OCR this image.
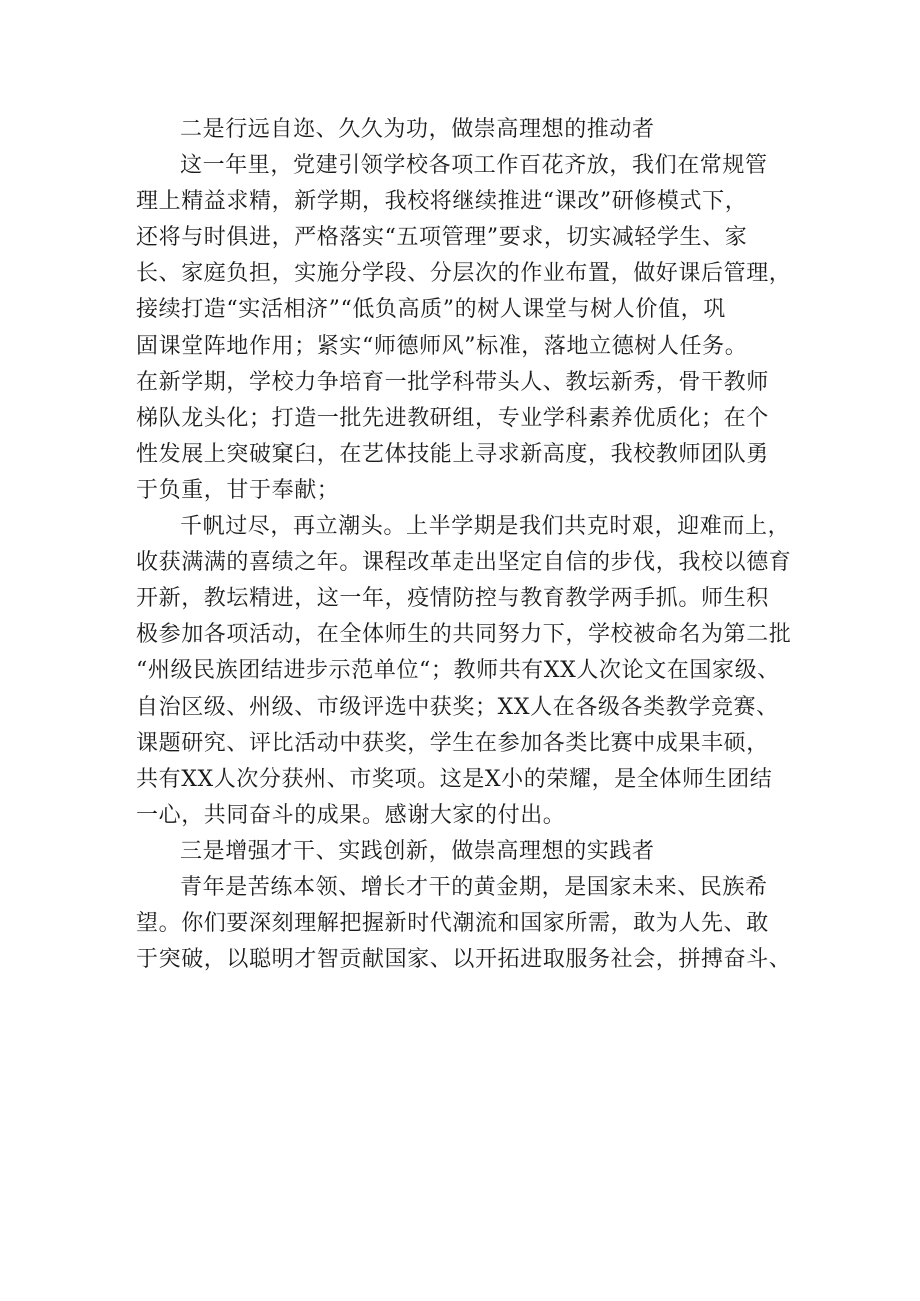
二是行远自迩、久久为功，做崇高理想的推动者
这一年里，党建引领学校各项工作百花齐放，我们在常规管
理上精益求精，新学期，我校将继续推进“课改”研修模式下，
还将与时俱进，严格落实“五项管理”要求，切实减轻学生、家
长、家庭负担，实施分学段、分层次的作业布置，做好课后管理，
接续打造“实活相济”“低负高质”的树人课堂与树人价值，巩
固课堂阵地作用；紧实“师德师风”标准，落地立德树人任务。
在新学期，学校力争培育一批学科带头人、教坛新秀，骨干教师
梯队龙头化；打造一批先进教研组，专业学科素养优质化；在个
性发展上突破窠臼，在艺体技能上寻求新高度，我校教师团队勇
于负重，甘于奉献；
千帆过尽，再立潮头。上半学期是我们共克时艰，迎难而上，
收获满满的喜绩之年。课程改革走出坚定自信的步伐，我校以德育
开新，教坛精进，这一年，疫情防控与教育教学两手抓。师生积
极参加各项活动，在全体师生的共同努力下，学校被命名为第二批
“州级民族团结进步示范单位“；教师共有XX人次论文在国家级、
自治区级、州级、市级评选中获奖；XX人在各级各类教学竞赛、
课题研究、评比活动中获奖，学生在参加各类比赛中成果丰硕，
共有XX人次分获州、市奖项。这是X小的荣耀，是全体师生团结
一心，共同奋斗的成果。感谢大家的付出。
三是增强才干、实践创新，做崇高理想的实践者
青年是苦练本领、增长才干的黄金期，是国家未来、民族希
望。你们要深刻理解把握新时代潮流和国家所需，敢为人先、敢
于突破，以聪明才智贡献国家、以开拓进取服务社会，拼搏奋斗、
